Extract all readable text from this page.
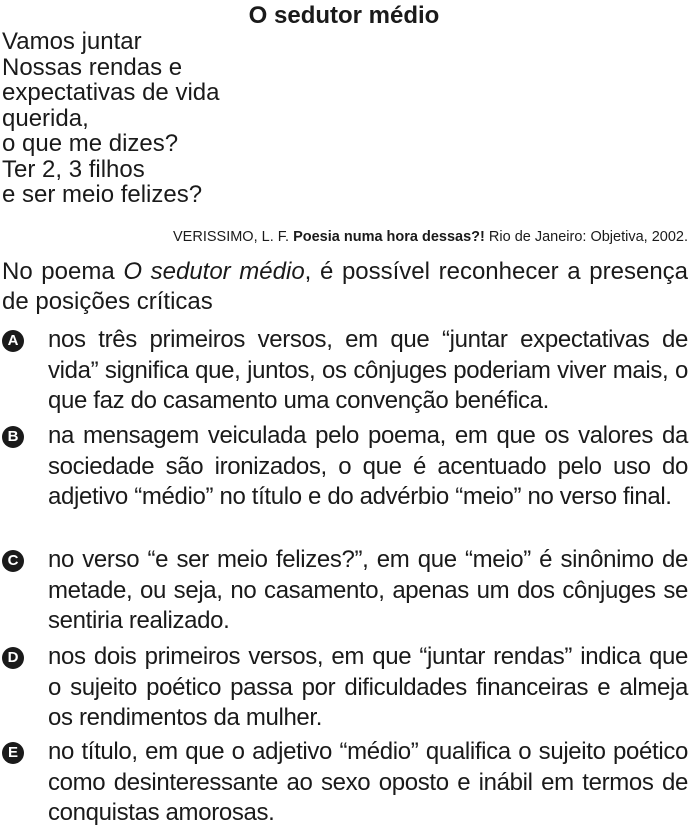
O sedutor médio
Vamos juntar
Nossas rendas e
expectativas de vida
querida,
o que me dizes?
Ter 2, 3 filhos
e ser meio felizes?
VERISSIMO, L. F. Poesia numa hora dessas?! Rio de Janeiro: Objetiva, 2002.
No poema O sedutor médio, é possível reconhecer a presença de posições críticas
A nos três primeiros versos, em que “juntar expectativas de vida” significa que, juntos, os cônjuges poderiam viver mais, o que faz do casamento uma convenção benéfica.
B na mensagem veiculada pelo poema, em que os valores da sociedade são ironizados, o que é acentuado pelo uso do adjetivo “médio” no título e do advérbio “meio” no verso final.
C no verso “e ser meio felizes?”, em que “meio” é sinônimo de metade, ou seja, no casamento, apenas um dos cônjuges se sentiria realizado.
D nos dois primeiros versos, em que “juntar rendas” indica que o sujeito poético passa por dificuldades financeiras e almeja os rendimentos da mulher.
E no título, em que o adjetivo “médio” qualifica o sujeito poético como desinteressante ao sexo oposto e inábil em termos de conquistas amorosas.
